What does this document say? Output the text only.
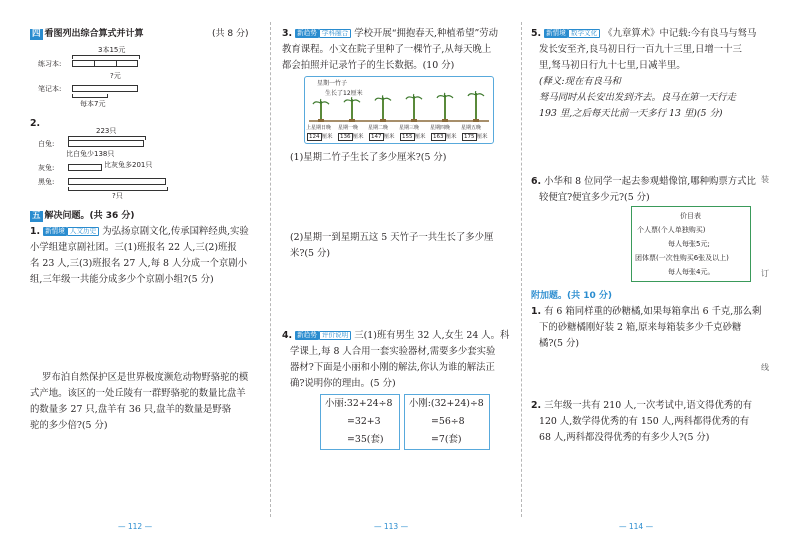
四 看图列出综合算式并计算	(共 8 分)
3本15元
练习本:
?元
笔记本:
每本7元
2.
223只
白兔:
比白兔少138只
灰兔:	比灰兔多201只
黑兔:
?只
五 解决问题。(共 36 分)
1. 新情境 人文历史 为弘扬京剧文化,传承国粹经典,实验
小学组建京剧社团。三(1)班报名 22 人,三(2)班报
名 23 人,三(3)班报名 27 人,每 8 人分成一个京剧小
组,三年级一共能分成多少个京剧小组?(5 分)
罗布泊自然保护区是世界极度濒危动物野骆驼的模
式产地。该区的一处丘陵有一群野骆驼的数量比盘羊
的数量多 27 只,盘羊有 36 只,盘羊的数量是野骆
驼的多少倍?(5 分)
— 112 —
3. 新趋势 学科融合 学校开展“拥抱春天,种植希望”劳动
教育课程。小文在院子里种了一棵竹子,从每天晚上
都会拍照并记录竹子的生长数据。(10 分)
星期一竹子
生长了12厘米
上星期日晚 星期一晚 星期二晚 星期三晚 星期四晚 星期五晚
124 厘米	136 厘米	147 厘米	155 厘米	163 厘米	175 厘米
(1)星期二竹子生长了多少厘米?(5 分)
(2)星期一到星期五这 5 天竹子一共生长了多少厘
米?(5 分)
4. 新趋势 评价说明 三(1)班有男生 32 人,女生 24 人。科
学课上,每 8 人合用一套实验器材,需要多少套实验
器材?下面是小丽和小刚的解法,你认为谁的解法正
确?说明你的理由。(5 分)
小丽:32+24÷8
=32+3
=35(套)
小刚:(32+24)÷8
=56÷8
=7(套)
— 113 —
5. 新情境 数学文化 《九章算术》中记载:今有良马与驽马
发长安至齐,良马初日行一百九十三里,日增一十三
里,驽马初日行九十七里,日减半里。
(释义:现在有良马和
驽马同时从长安出发到齐去。良马在第一天行走
193 里,之后每天比前一天多行 13 里)(5 分)
6. 小华和 8 位同学一起去参观蜡像馆,哪种购票方式比
较便宜?便宜多少元?(5 分)
价目表
个人票(个人单独购买)
每人每张5元;
团体票(一次性购买6张及以上)
每人每张4元。
附加题。(共 10 分)
1. 有 6 箱同样重的砂糖橘,如果每箱拿出 6 千克,那么剩
下的砂糖橘刚好装 2 箱,原来每箱装多少千克砂糖
橘?(5 分)
2. 三年级一共有 210 人,一次考试中,语文得优秀的有
120 人,数学得优秀的有 150 人,两科都得优秀的有
68 人,两科都没得优秀的有多少人?(5 分)
装
订
线
— 114 —
